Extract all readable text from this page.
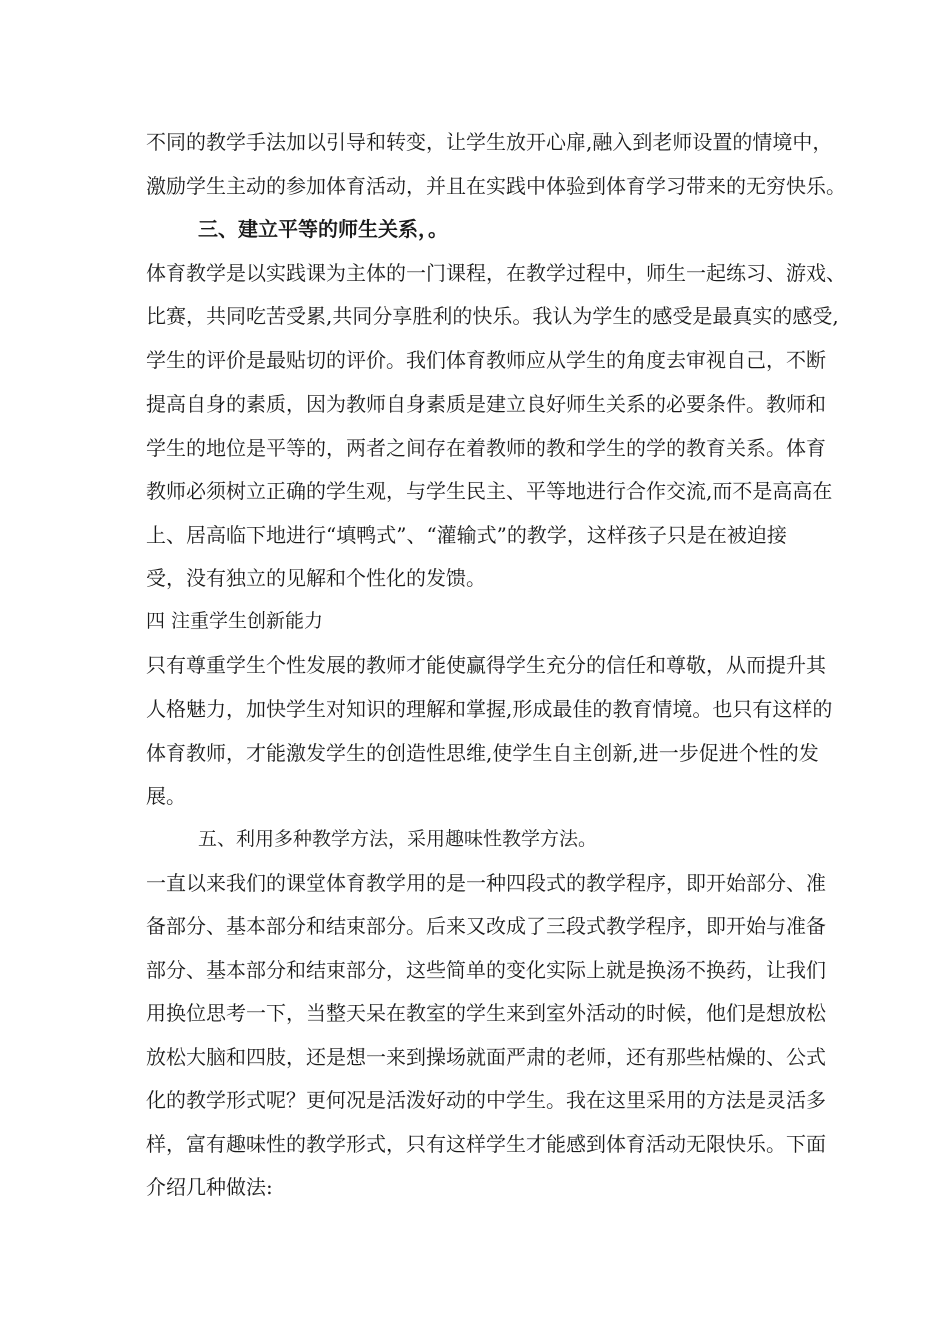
不同的教学手法加以引导和转变，让学生放开心扉,融入到老师设置的情境中，
激励学生主动的参加体育活动，并且在实践中体验到体育学习带来的无穷快乐。
三、建立平等的师生关系，。
体育教学是以实践课为主体的一门课程，在教学过程中，师生一起练习、游戏、
比赛，共同吃苦受累,共同分享胜利的快乐。我认为学生的感受是最真实的感受,
学生的评价是最贴切的评价。我们体育教师应从学生的角度去审视自己，不断
提高自身的素质，因为教师自身素质是建立良好师生关系的必要条件。教师和
学生的地位是平等的，两者之间存在着教师的教和学生的学的教育关系。体育
教师必须树立正确的学生观，与学生民主、平等地进行合作交流,而不是高高在
上、居高临下地进行“填鸭式”、“灌输式”的教学，这样孩子只是在被迫接
受，没有独立的见解和个性化的发馈。
四 注重学生创新能力
只有尊重学生个性发展的教师才能使赢得学生充分的信任和尊敬，从而提升其
人格魅力，加快学生对知识的理解和掌握,形成最佳的教育情境。也只有这样的
体育教师，才能激发学生的创造性思维,使学生自主创新,进一步促进个性的发
展。
五、利用多种教学方法，采用趣味性教学方法。
一直以来我们的课堂体育教学用的是一种四段式的教学程序，即开始部分、准
备部分、基本部分和结束部分。后来又改成了三段式教学程序，即开始与准备
部分、基本部分和结束部分，这些简单的变化实际上就是换汤不换药，让我们
用换位思考一下，当整天呆在教室的学生来到室外活动的时候，他们是想放松
放松大脑和四肢，还是想一来到操场就面严肃的老师，还有那些枯燥的、公式
化的教学形式呢？更何况是活泼好动的中学生。我在这里采用的方法是灵活多
样，富有趣味性的教学形式，只有这样学生才能感到体育活动无限快乐。下面
介绍几种做法:
